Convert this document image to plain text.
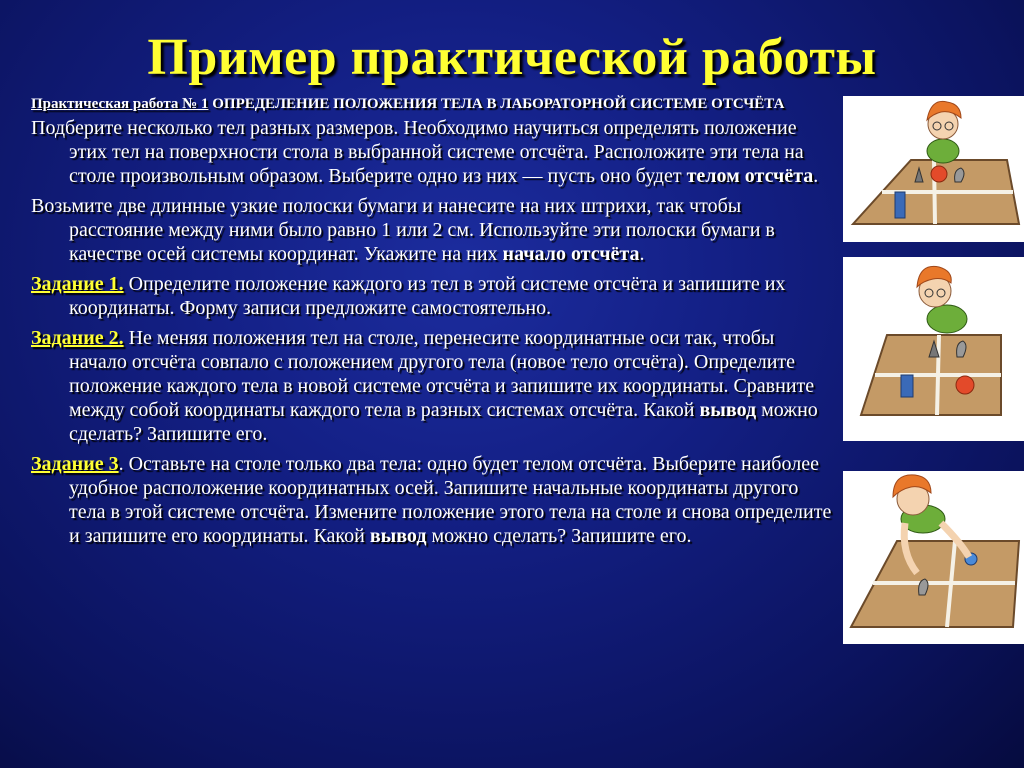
Пример практической работы
Практическая работа № 1 ОПРЕДЕЛЕНИЕ ПОЛОЖЕНИЯ ТЕЛА В ЛАБОРАТОРНОЙ СИСТЕМЕ ОТСЧЁТА
Подберите несколько тел разных размеров. Необходимо научиться определять положение этих тел на поверхности стола в выбранной системе отсчёта. Расположите эти тела на столе произвольным образом. Выберите одно из них — пусть оно будет телом отсчёта.
Возьмите две длинные узкие полоски бумаги и нанесите на них штрихи, так чтобы расстояние между ними было равно 1 или 2 см. Используйте эти полоски бумаги в качестве осей системы координат. Укажите на них начало отсчёта.
Задание 1. Определите положение каждого из тел в этой системе отсчёта и запишите их координаты. Форму записи предложите самостоятельно.
Задание 2. Не меняя положения тел на столе, перенесите координатные оси так, чтобы начало отсчёта совпало с положением другого тела (новое тело отсчёта). Определите положение каждого тела в новой системе отсчёта и запишите их координаты. Сравните между собой координаты каждого тела в разных системах отсчёта. Какой вывод можно сделать? Запишите его.
Задание 3. Оставьте на столе только два тела: одно будет телом отсчёта. Выберите наиболее удобное расположение координатных осей. Запишите начальные координаты другого тела в этой системе отсчёта. Измените положение этого тела на столе и снова определите и запишите его координаты. Какой вывод можно сделать? Запишите его.
